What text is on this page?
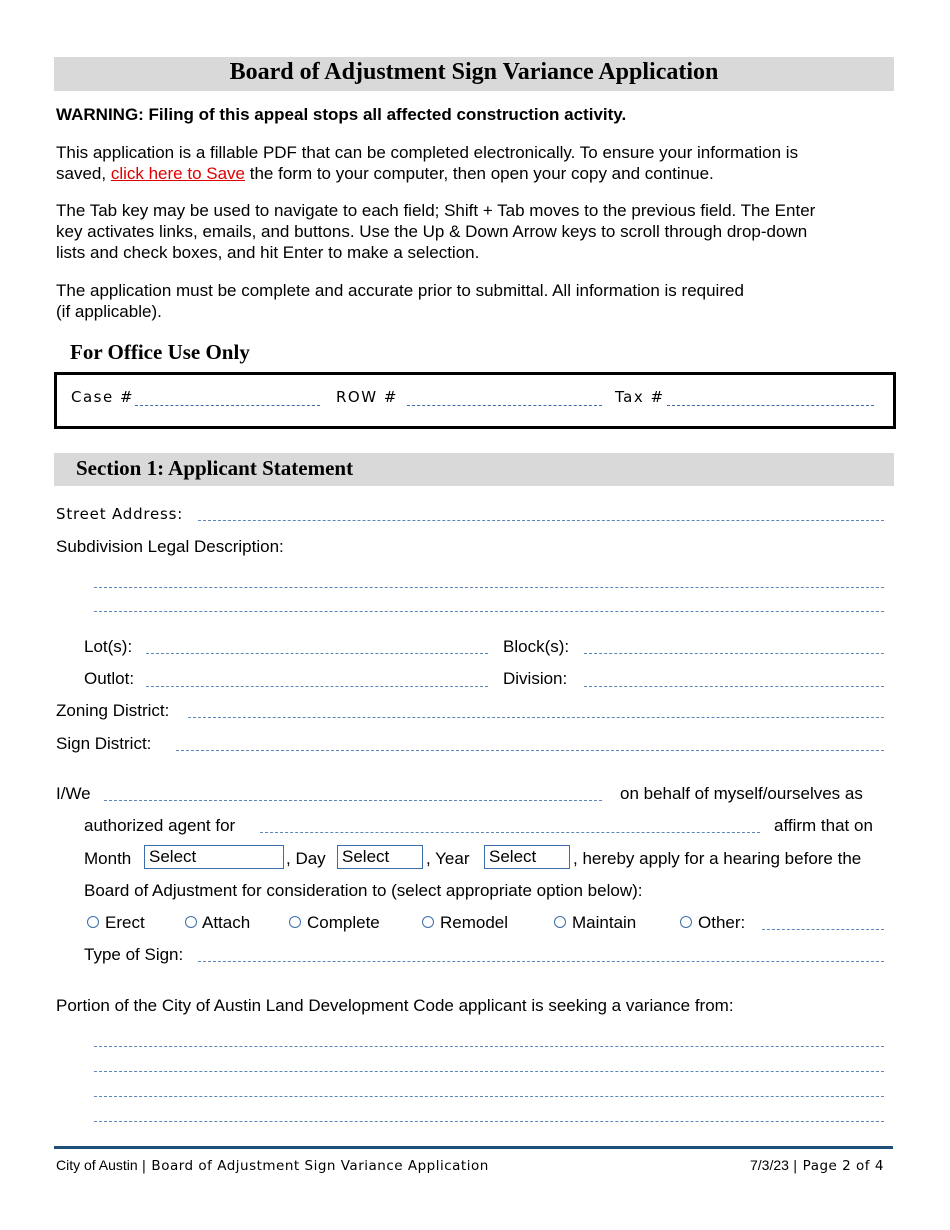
Board of Adjustment Sign Variance Application
WARNING: Filing of this appeal stops all affected construction activity.
This application is a fillable PDF that can be completed electronically. To ensure your information is
saved, click here to Save the form to your computer, then open your copy and continue.
The Tab key may be used to navigate to each field; Shift + Tab moves to the previous field. The Enter
key activates links, emails, and buttons. Use the Up & Down Arrow keys to scroll through drop-down
lists and check boxes, and hit Enter to make a selection.
The application must be complete and accurate prior to submittal. All information is required
(if applicable).
For Office Use Only
Case #	ROW #	Tax #
Section 1: Applicant Statement
Street Address:
Subdivision Legal Description:
Lot(s):	Block(s):
Outlot:	Division:
Zoning District:
Sign District:
I/We	on behalf of myself/ourselves as
authorized agent for	affirm that on
Month Select	, Day Select	, Year Select	, hereby apply for a hearing before the
Board of Adjustment for consideration to (select appropriate option below):
Erect	Attach	Complete	Remodel	Maintain	Other:
Type of Sign:
Portion of the City of Austin Land Development Code applicant is seeking a variance from:
City of Austin | Board of Adjustment Sign Variance Application	7/3/23 | Page 2 of 4
